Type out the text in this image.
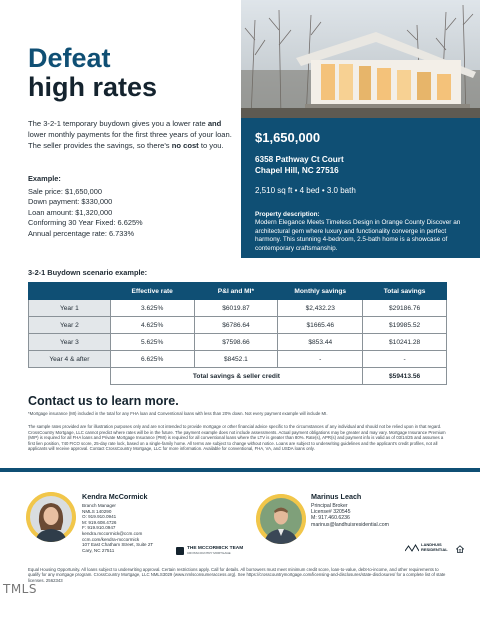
Defeat
high rates

The 3-2-1 temporary buydown gives you a lower rate and lower monthly payments for the first three years of your loan. The seller provides the savings, so there's no cost to you.

Example:
Sale price: $1,650,000
Down payment: $330,000
Loan amount: $1,320,000
Conforming 30 Year Fixed: 6.625%
Annual percentage rate: 6.733%
$1,650,000
6358 Pathway Ct Court
Chapel Hill, NC 27516
2,510 sq ft • 4 bed • 3.0 bath
Property description:
Modern Elegance Meets Timeless Design in Orange County Discover an architectural gem where luxury and functionality converge in perfect harmony. This stunning 4-bedroom, 2.5-bath home is a showcase of contemporary craftsmanship.
3-2-1 Buydown scenario example:
	Effective rate	P&I and MI*	Monthly savings	Total savings
Year 1	3.625%	$6019.87	$2,432.23	$29186.76
Year 2	4.625%	$6786.64	$1665.46	$19985.52
Year 3	5.625%	$7598.66	$853.44	$10241.28
Year 4 & after	6.625%	$8452.1	-	-
	Total savings & seller credit			$59413.56
Contact us to learn more.

*Mortgage insurance (MI) included in the total for any FHA loan and Conventional loans with less than 20% down. Not every payment example will include MI.

The sample rates provided are for illustration purposes only and are not intended to provide mortgage or other financial advice specific to the circumstances of any individual and should not be relied upon in that regard. CrossCountry Mortgage, LLC cannot predict where rates will be in the future. The payment example does not include assessments. Actual payment obligations may be greater and may vary. Mortgage Insurance Premium (MIP) is required for all FHA loans and Private Mortgage Insurance (PMI) is required for all conventional loans where the LTV is greater than 80%. Rate(s), APR(s) and payment info is valid as of 03/14/25 and assumes a first lien position, 740 FICO score, 25-day rate lock, based on a single-family home. All terms are subject to change without notice. Loans are subject to underwriting guidelines and the applicant's credit profiles, not all applicants will receive approval. Contact CrossCountry Mortgage, LLC for more information. Available for conventional, FHA, VA, and USDA loans only.

Kendra McCormick
Branch Manager
NMLS 140290
O: 919.910.0941
M: 919.608.4726
F: 919.910.0947
kendra.mccormick@ccm.com
ccm.com/kendra-mccormick
107 East Chatham Street, Suite 2T
Cary, NC 27511	THE MCCORMICK TEAM
CROSSCOUNTRY MORTGAGE
Marinus Leach
Principal Broker
License# 320545
M: 917.460.6236
marinus@landhuisresidential.com
LANDHUIS
RESIDENTIAL

Equal Housing Opportunity. All loans subject to underwriting approval. Certain restrictions apply. Call for details. All borrowers must meet minimum credit score, loan-to-value, debt-to-income, and other requirements to qualify for any mortgage program. CrossCountry Mortgage, LLC NMLS3029 (www.nmlsconsumeraccess.org). See https://crosscountrymortgage.com/licensing-and-disclosures/state-disclosures/ for a complete list of state licenses. 2562343

TMLS
